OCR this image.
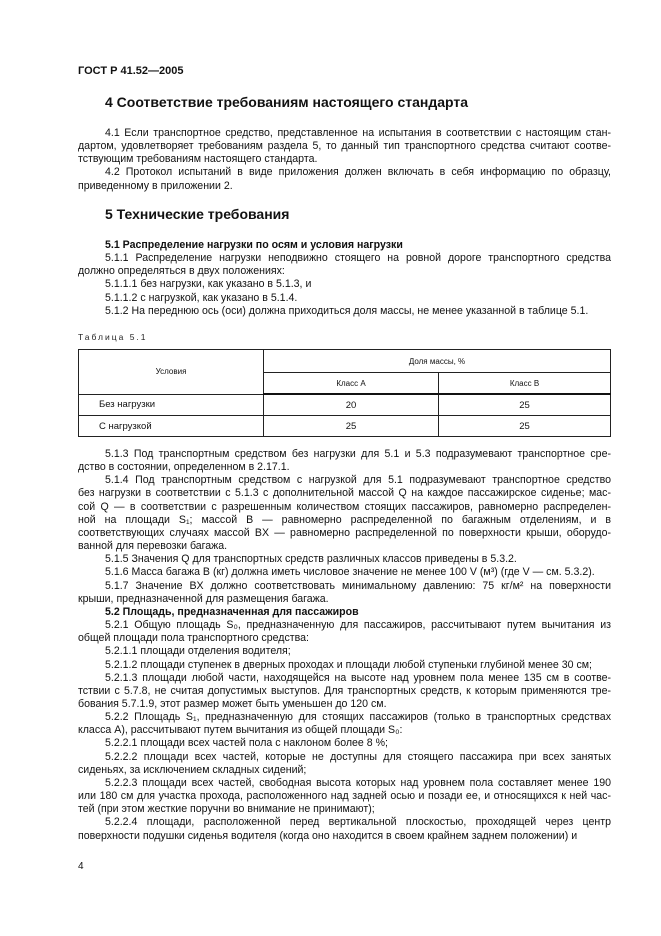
ГОСТ Р 41.52—2005
4 Соответствие требованиям настоящего стандарта
4.1 Если транспортное средство, представленное на испытания в соответствии с настоящим стан-
дартом, удовлетворяет требованиям раздела 5, то данный тип транспортного средства считают соотве-
тствующим требованиям настоящего стандарта.
4.2 Протокол испытаний в виде приложения должен включать в себя информацию по образцу,
приведенному в приложении 2.
5 Технические требования
5.1 Распределение нагрузки по осям и условия нагрузки
5.1.1 Распределение нагрузки неподвижно стоящего на ровной дороге транспортного средства
должно определяться в двух положениях:
5.1.1.1 без нагрузки, как указано в 5.1.3, и
5.1.1.2 с нагрузкой, как указано в 5.1.4.
5.1.2 На переднюю ось (оси) должна приходиться доля массы, не менее указанной в таблице 5.1.
Таблица 5.1
Условия	Доля массы, %	
	Класс А	Класс В
Без нагрузки	20	25
С нагрузкой	25	25
5.1.3 Под транспортным средством без нагрузки для 5.1 и 5.3 подразумевают транспортное сре-
дство в состоянии, определенном в 2.17.1.
5.1.4 Под транспортным средством с нагрузкой для 5.1 подразумевают транспортное средство
без нагрузки в соответствии с 5.1.3 с дополнительной массой Q на каждое пассажирское сиденье; мас-
сой Q — в соответствии с разрешенным количеством стоящих пассажиров, равномерно распределен-
ной на площади S₁; массой B — равномерно распределенной по багажным отделениям, и в
соответствующих случаях массой BX — равномерно распределенной по поверхности крыши, оборудо-
ванной для перевозки багажа.
5.1.5 Значения Q для транспортных средств различных классов приведены в 5.3.2.
5.1.6 Масса багажа B (кг) должна иметь числовое значение не менее 100 V (м³) (где V — см. 5.3.2).
5.1.7 Значение BX должно соответствовать минимальному давлению: 75 кг/м² на поверхности
крыши, предназначенной для размещения багажа.
5.2 Площадь, предназначенная для пассажиров
5.2.1 Общую площадь S₀, предназначенную для пассажиров, рассчитывают путем вычитания из
общей площади пола транспортного средства:
5.2.1.1 площади отделения водителя;
5.2.1.2 площади ступенек в дверных проходах и площади любой ступеньки глубиной менее 30 см;
5.2.1.3 площади любой части, находящейся на высоте над уровнем пола менее 135 см в соотве-
тствии с 5.7.8, не считая допустимых выступов. Для транспортных средств, к которым применяются тре-
бования 5.7.1.9, этот размер может быть уменьшен до 120 см.
5.2.2 Площадь S₁, предназначенную для стоящих пассажиров (только в транспортных средствах
класса А), рассчитывают путем вычитания из общей площади S₀:
5.2.2.1 площади всех частей пола с наклоном более 8 %;
5.2.2.2 площади всех частей, которые не доступны для стоящего пассажира при всех занятых
сиденьях, за исключением складных сидений;
5.2.2.3 площади всех частей, свободная высота которых над уровнем пола составляет менее 190
или 180 см для участка прохода, расположенного над задней осью и позади ее, и относящихся к ней час-
тей (при этом жесткие поручни во внимание не принимают);
5.2.2.4 площади, расположенной перед вертикальной плоскостью, проходящей через центр
поверхности подушки сиденья водителя (когда оно находится в своем крайнем заднем положении) и
4
